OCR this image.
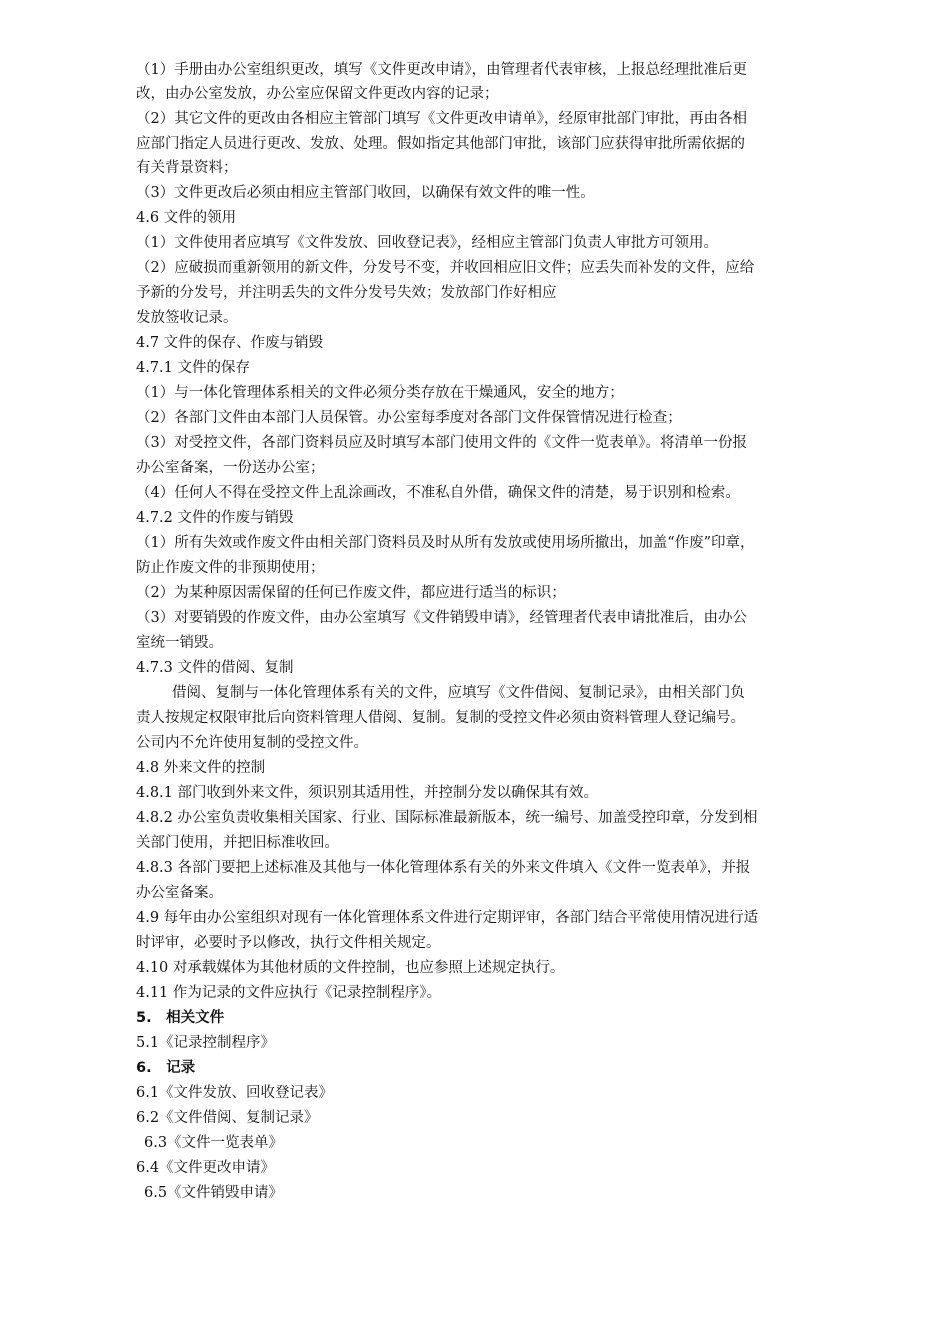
（1）手册由办公室组织更改，填写《文件更改申请》，由管理者代表审核，上报总经理批准后更
改，由办公室发放，办公室应保留文件更改内容的记录；
（2）其它文件的更改由各相应主管部门填写《文件更改申请单》，经原审批部门审批，再由各相
应部门指定人员进行更改、发放、处理。假如指定其他部门审批，该部门应获得审批所需依据的
有关背景资料；
（3）文件更改后必须由相应主管部门收回，以确保有效文件的唯一性。
4.6 文件的领用
（1）文件使用者应填写《文件发放、回收登记表》，经相应主管部门负责人审批方可领用。
（2）应破损而重新领用的新文件，分发号不变，并收回相应旧文件；应丢失而补发的文件，应给
予新的分发号，并注明丢失的文件分发号失效；发放部门作好相应
发放签收记录。
4.7 文件的保存、作废与销毁
4.7.1 文件的保存
（1）与一体化管理体系相关的文件必须分类存放在干燥通风，安全的地方；
（2）各部门文件由本部门人员保管。办公室每季度对各部门文件保管情况进行检查；
（3）对受控文件，各部门资料员应及时填写本部门使用文件的《文件一览表单》。将清单一份报
办公室备案，一份送办公室；
（4）任何人不得在受控文件上乱涂画改，不准私自外借，确保文件的清楚，易于识别和检索。
4.7.2 文件的作废与销毁
（1）所有失效或作废文件由相关部门资料员及时从所有发放或使用场所撤出，加盖“作废”印章，
防止作废文件的非预期使用；
（2）为某种原因需保留的任何已作废文件，都应进行适当的标识；
（3）对要销毁的作废文件，由办公室填写《文件销毁申请》，经管理者代表申请批准后，由办公
室统一销毁。
4.7.3 文件的借阅、复制
借阅、复制与一体化管理体系有关的文件，应填写《文件借阅、复制记录》，由相关部门负
责人按规定权限审批后向资料管理人借阅、复制。复制的受控文件必须由资料管理人登记编号。
公司内不允许使用复制的受控文件。
4.8 外来文件的控制
4.8.1 部门收到外来文件，须识别其适用性，并控制分发以确保其有效。
4.8.2 办公室负责收集相关国家、行业、国际标准最新版本，统一编号、加盖受控印章，分发到相
关部门使用，并把旧标准收回。
4.8.3 各部门要把上述标准及其他与一体化管理体系有关的外来文件填入《文件一览表单》，并报
办公室备案。
4.9 每年由办公室组织对现有一体化管理体系文件进行定期评审，各部门结合平常使用情况进行适
时评审，必要时予以修改，执行文件相关规定。
4.10 对承载媒体为其他材质的文件控制，也应参照上述规定执行。
4.11 作为记录的文件应执行《记录控制程序》。
5.　相关文件
5.1《记录控制程序》
6.　记录
6.1《文件发放、回收登记表》
6.2《文件借阅、复制记录》
6.3《文件一览表单》
6.4《文件更改申请》
6.5《文件销毁申请》
